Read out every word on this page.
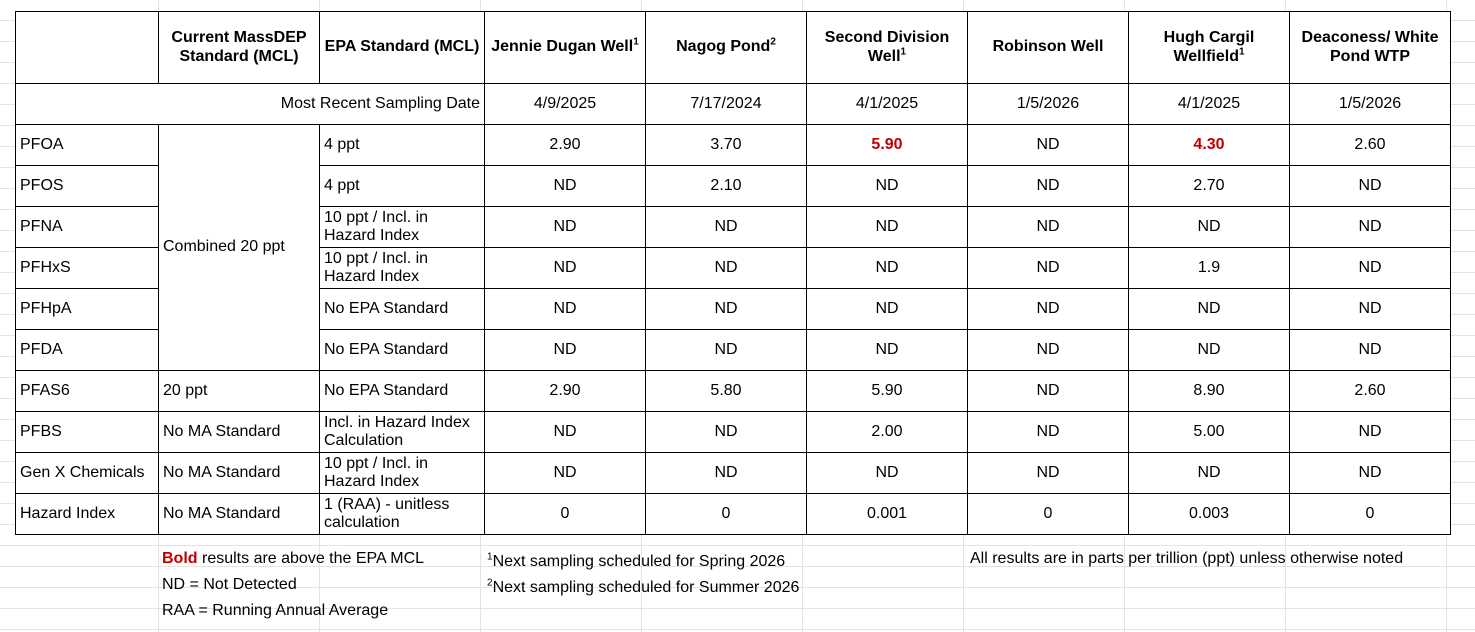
	Current MassDEP Standard (MCL)	EPA Standard (MCL)	Jennie Dugan Well$^1$	Nagog Pond$^2$	Second Division Well$^1$	Robinson Well	Hugh Cargil Wellfield$^1$	Deaconess/ White Pond WTP
Most Recent Sampling Date			4/9/2025	7/17/2024	4/1/2025	1/5/2026	4/1/2025	1/5/2026
PFOA	Combined 20 ppt	4 ppt	2.90	3.70	5.90	ND	4.30	2.60
PFOS		4 ppt	ND	2.10	ND	ND	2.70	ND
PFNA		10 ppt / Incl. in Hazard Index	ND	ND	ND	ND	ND	ND
PFHxS		10 ppt / Incl. in Hazard Index	ND	ND	ND	ND	1.9	ND
PFHpA		No EPA Standard	ND	ND	ND	ND	ND	ND
PFDA		No EPA Standard	ND	ND	ND	ND	ND	ND
PFAS6	20 ppt	No EPA Standard	2.90	5.80	5.90	ND	8.90	2.60
PFBS	No MA Standard	Incl. in Hazard Index Calculation	ND	ND	2.00	ND	5.00	ND
Gen X Chemicals	No MA Standard	10 ppt / Incl. in Hazard Index	ND	ND	ND	ND	ND	ND
Hazard Index	No MA Standard	1 (RAA) - unitless calculation	0	0	0.001	0	0.003	0
Bold results are above the EPA MCL
ND = Not Detected
RAA = Running Annual Average
$^1$Next sampling scheduled for Spring 2026
$^2$Next sampling scheduled for Summer 2026
All results are in parts per trillion (ppt) unless otherwise noted
